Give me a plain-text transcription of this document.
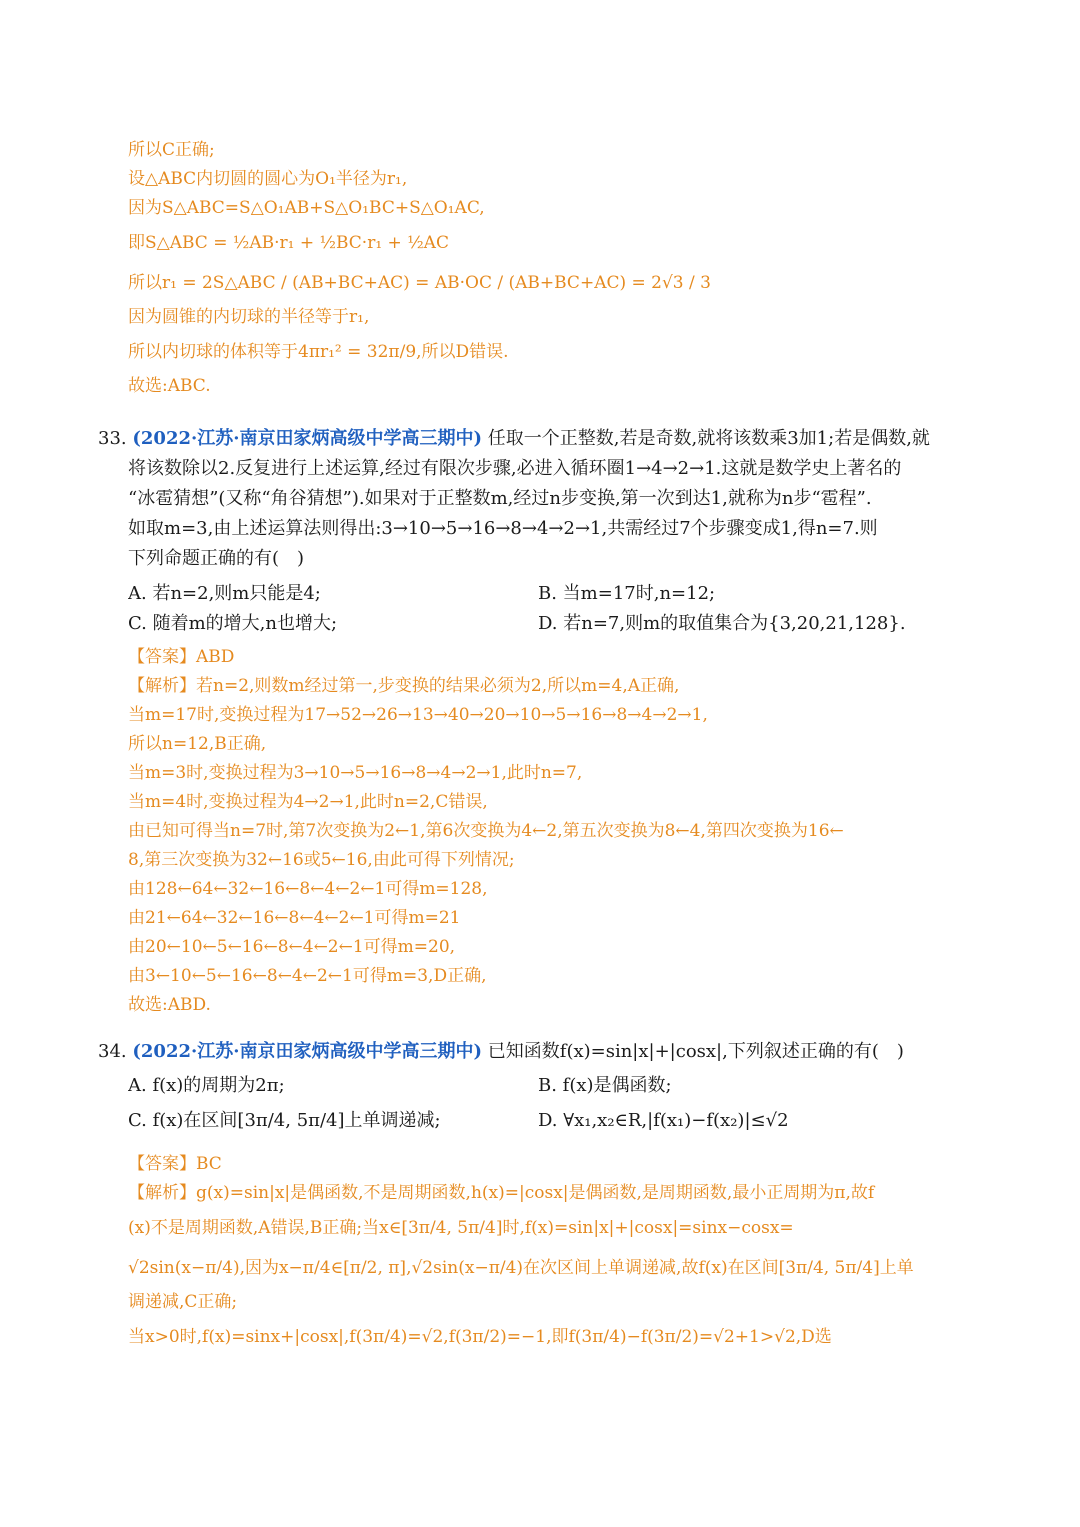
所以C正确;
设△ABC内切圆的圆心为O₁半径为r₁,
因为S△ABC=S△O₁AB+S△O₁BC+S△O₁AC,
即S△ABC = ½AB·r₁ + ½BC·r₁ + ½AC
所以r₁ = 2S△ABC / (AB+BC+AC) = AB·OC / (AB+BC+AC) = 2√3 / 3
因为圆锥的内切球的半径等于r₁,
所以内切球的体积等于4πr₁² = 32π/9,所以D错误.
故选:ABC.
33. (2022·江苏·南京田家炳高级中学高三期中) 任取一个正整数,若是奇数,就将该数乘3加1;若是偶数,就
将该数除以2.反复进行上述运算,经过有限次步骤,必进入循环圈1→4→2→1.这就是数学史上著名的
“冰雹猜想”(又称“角谷猜想”).如果对于正整数m,经过n步变换,第一次到达1,就称为n步“雹程”.
如取m=3,由上述运算法则得出:3→10→5→16→8→4→2→1,共需经过7个步骤变成1,得n=7.则
下列命题正确的有(　)
A. 若n=2,则m只能是4;	B. 当m=17时,n=12;
C. 随着m的增大,n也增大;	D. 若n=7,则m的取值集合为{3,20,21,128}.
【答案】ABD
【解析】若n=2,则数m经过第一,步变换的结果必须为2,所以m=4,A正确,
当m=17时,变换过程为17→52→26→13→40→20→10→5→16→8→4→2→1,
所以n=12,B正确,
当m=3时,变换过程为3→10→5→16→8→4→2→1,此时n=7,
当m=4时,变换过程为4→2→1,此时n=2,C错误,
由已知可得当n=7时,第7次变换为2←1,第6次变换为4←2,第五次变换为8←4,第四次变换为16←
8,第三次变换为32←16或5←16,由此可得下列情况;
由128←64←32←16←8←4←2←1可得m=128,
由21←64←32←16←8←4←2←1可得m=21
由20←10←5←16←8←4←2←1可得m=20,
由3←10←5←16←8←4←2←1可得m=3,D正确,
故选:ABD.
34. (2022·江苏·南京田家炳高级中学高三期中) 已知函数f(x)=sin|x|+|cosx|,下列叙述正确的有(　)
A. f(x)的周期为2π;	B. f(x)是偶函数;
C. f(x)在区间[3π/4, 5π/4]上单调递减;	D. ∀x₁,x₂∈R,|f(x₁)−f(x₂)|≤√2
【答案】BC
【解析】g(x)=sin|x|是偶函数,不是周期函数,h(x)=|cosx|是偶函数,是周期函数,最小正周期为π,故f
(x)不是周期函数,A错误,B正确;当x∈[3π/4, 5π/4]时,f(x)=sin|x|+|cosx|=sinx−cosx=
√2sin(x−π/4),因为x−π/4∈[π/2, π],√2sin(x−π/4)在次区间上单调递减,故f(x)在区间[3π/4, 5π/4]上单
调递减,C正确;
当x>0时,f(x)=sinx+|cosx|,f(3π/4)=√2,f(3π/2)=−1,即f(3π/4)−f(3π/2)=√2+1>√2,D选
